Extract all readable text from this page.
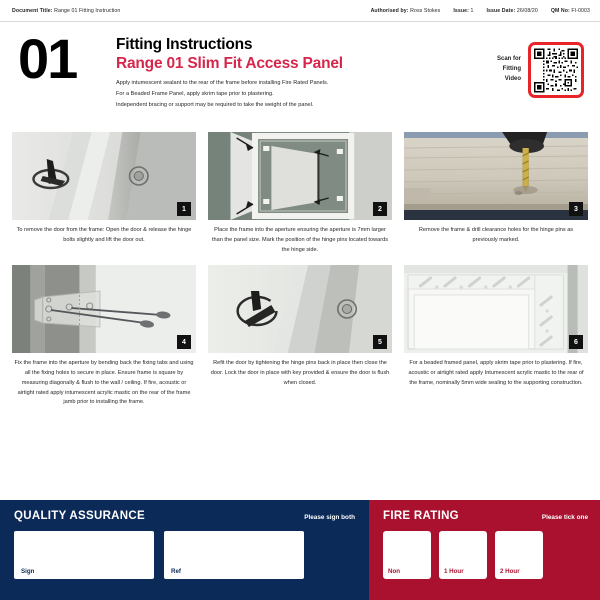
Document Title: Range 01 Fitting Instruction	Authorised by: Ross Stokes	Issue: 1	Issue Date: 26/08/20	QM No: FI-0003
01	Fitting Instructions
Range 01 Slim Fit Access Panel
Apply intumescent sealant to the rear of the frame before installing Fire Rated Panels.
For a Beaded Frame Panel, apply skrim tape prior to plastering.
Independent bracing or support may be required to take the weight of the panel.
Scan for
Fitting
Video
1
To remove the door from the frame: Open the door & release the hinge bolts slightly and lift the door out.
2
Place the frame into the aperture ensuring the aperture is 7mm larger than the panel size. Mark the position of the hinge pins located towards the hinge side.
3
Remove the frame & drill clearance holes for the hinge pins as previously marked.
4
Fix the frame into the aperture by bending back the fixing tabs and using all the fixing holes to secure in place. Ensure frame is square by measuring diagonally & flush to the wall / ceiling. If fire, acoustic or airtight rated apply intumescent acrylic mastic on the rear of the frame jamb prior to installing the frame.
5
Refit the door by tightening the hinge pins back in place then close the door. Lock the door in place with key provided & ensure the door is flush when closed.
6
For a beaded framed panel, apply skrim tape prior to plastering. If fire, acoustic or airtight rated apply Intumescent acrylic mastic to the rear of the frame, nominally 5mm wide sealing to the supporting construction.
QUALITY ASSURANCE	Please sign both
Sign	Ref
FIRE RATING	Please tick one
Non	1 Hour	2 Hour
